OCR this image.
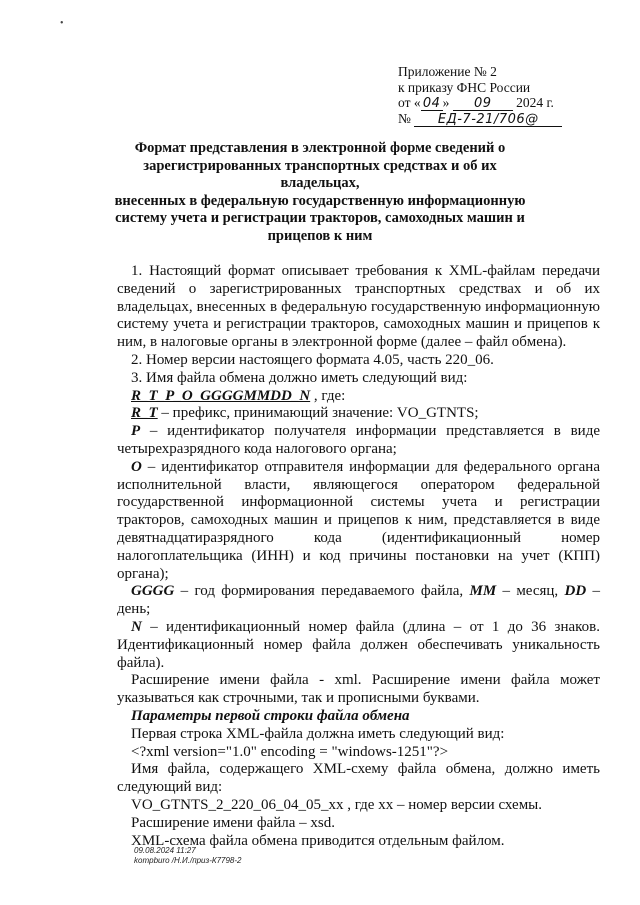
•
Приложение № 2
к приказу ФНС России
от « 04 » 09 2024 г.
№ ЕД-7-21/706@
Формат представления в электронной форме сведений о
зарегистрированных транспортных средствах и об их владельцах,
внесенных в федеральную государственную информационную
систему учета и регистрации тракторов, самоходных машин и
прицепов к ним

1. Настоящий формат описывает требования к XML-файлам передачи сведений о зарегистрированных транспортных средствах и об их владельцах, внесенных в федеральную государственную информационную систему учета и регистрации тракторов, самоходных машин и прицепов к ним, в налоговые органы в электронной форме (далее – файл обмена).

2. Номер версии настоящего формата 4.05, часть 220_06.

3. Имя файла обмена должно иметь следующий вид:

R_T_P_O_GGGGMMDD_N , где:

R_T – префикс, принимающий значение: VO_GTNTS;

P – идентификатор получателя информации представляется в виде четырехразрядного кода налогового органа;

O – идентификатор отправителя информации для федерального органа исполнительной власти, являющегося оператором федеральной государственной информационной системы учета и регистрации тракторов, самоходных машин и прицепов к ним, представляется в виде девятнадцатиразрядного кода (идентификационный номер налогоплательщика (ИНН) и код причины постановки на учет (КПП) органа);

GGGG – год формирования передаваемого файла, MM – месяц, DD – день;

N – идентификационный номер файла (длина – от 1 до 36 знаков. Идентификационный номер файла должен обеспечивать уникальность файла).

Расширение имени файла - xml. Расширение имени файла может указываться как строчными, так и прописными буквами.

Параметры первой строки файла обмена

Первая строка XML-файла должна иметь следующий вид:

<?xml version="1.0" encoding = "windows-1251"?>

Имя файла, содержащего XML-схему файла обмена, должно иметь следующий вид:

VO_GTNTS_2_220_06_04_05_xx , где хх – номер версии схемы.

Расширение имени файла – xsd.

XML-схема файла обмена приводится отдельным файлом.

09.08.2024 11:27
kompburo /Н.И./приз-К7798-2
